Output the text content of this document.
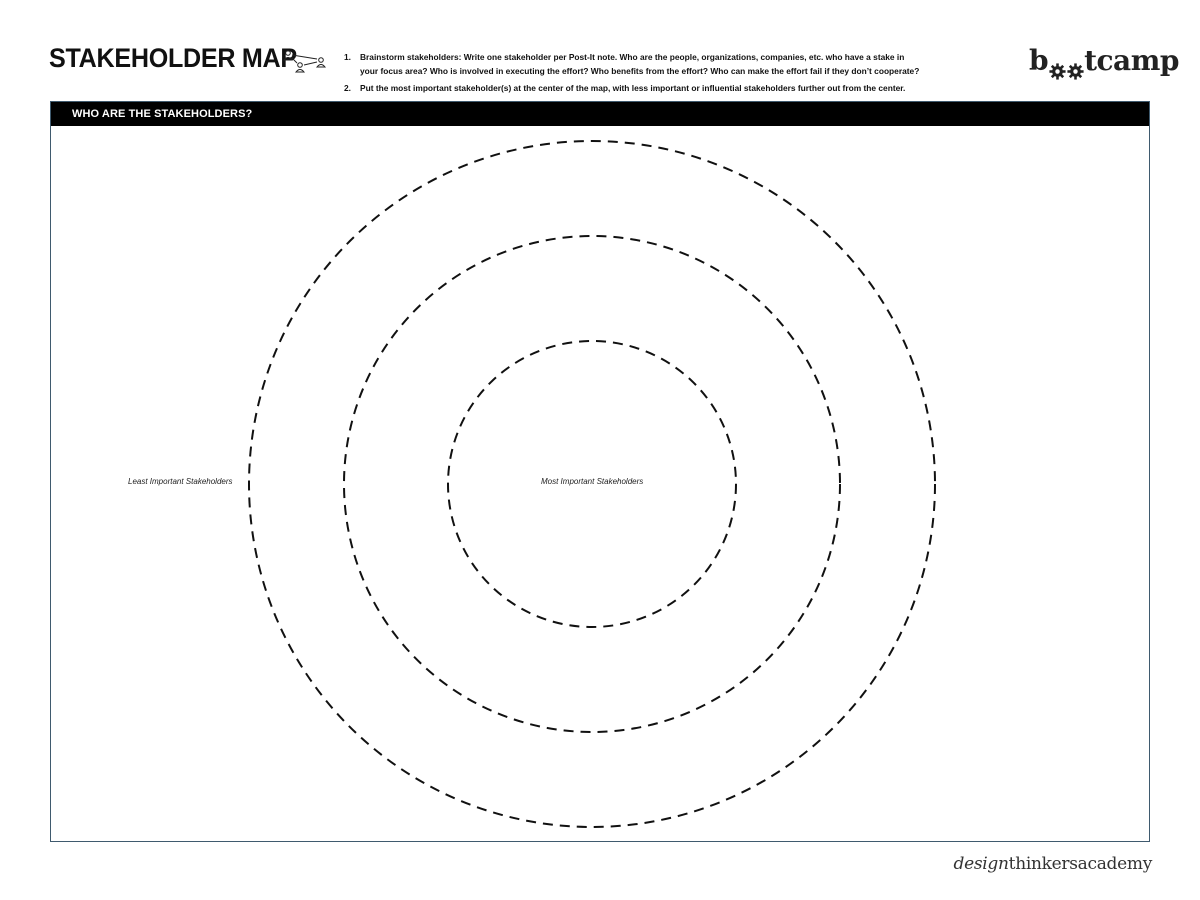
STAKEHOLDER MAP	1. Brainstorm stakeholders: Write one stakeholder per Post-It note. Who are the people, organizations, companies, etc. who have a stake in
your focus area? Who is involved in executing the effort? Who benefits from the effort? Who can make the effort fail if they don’t cooperate?
2. Put the most important stakeholder(s) at the center of the map, with less important or influential stakeholders further out from the center.
b tcamp
WHO ARE THE STAKEHOLDERS?
Least Important Stakeholders	Most Important Stakeholders
designthinkersacademy
